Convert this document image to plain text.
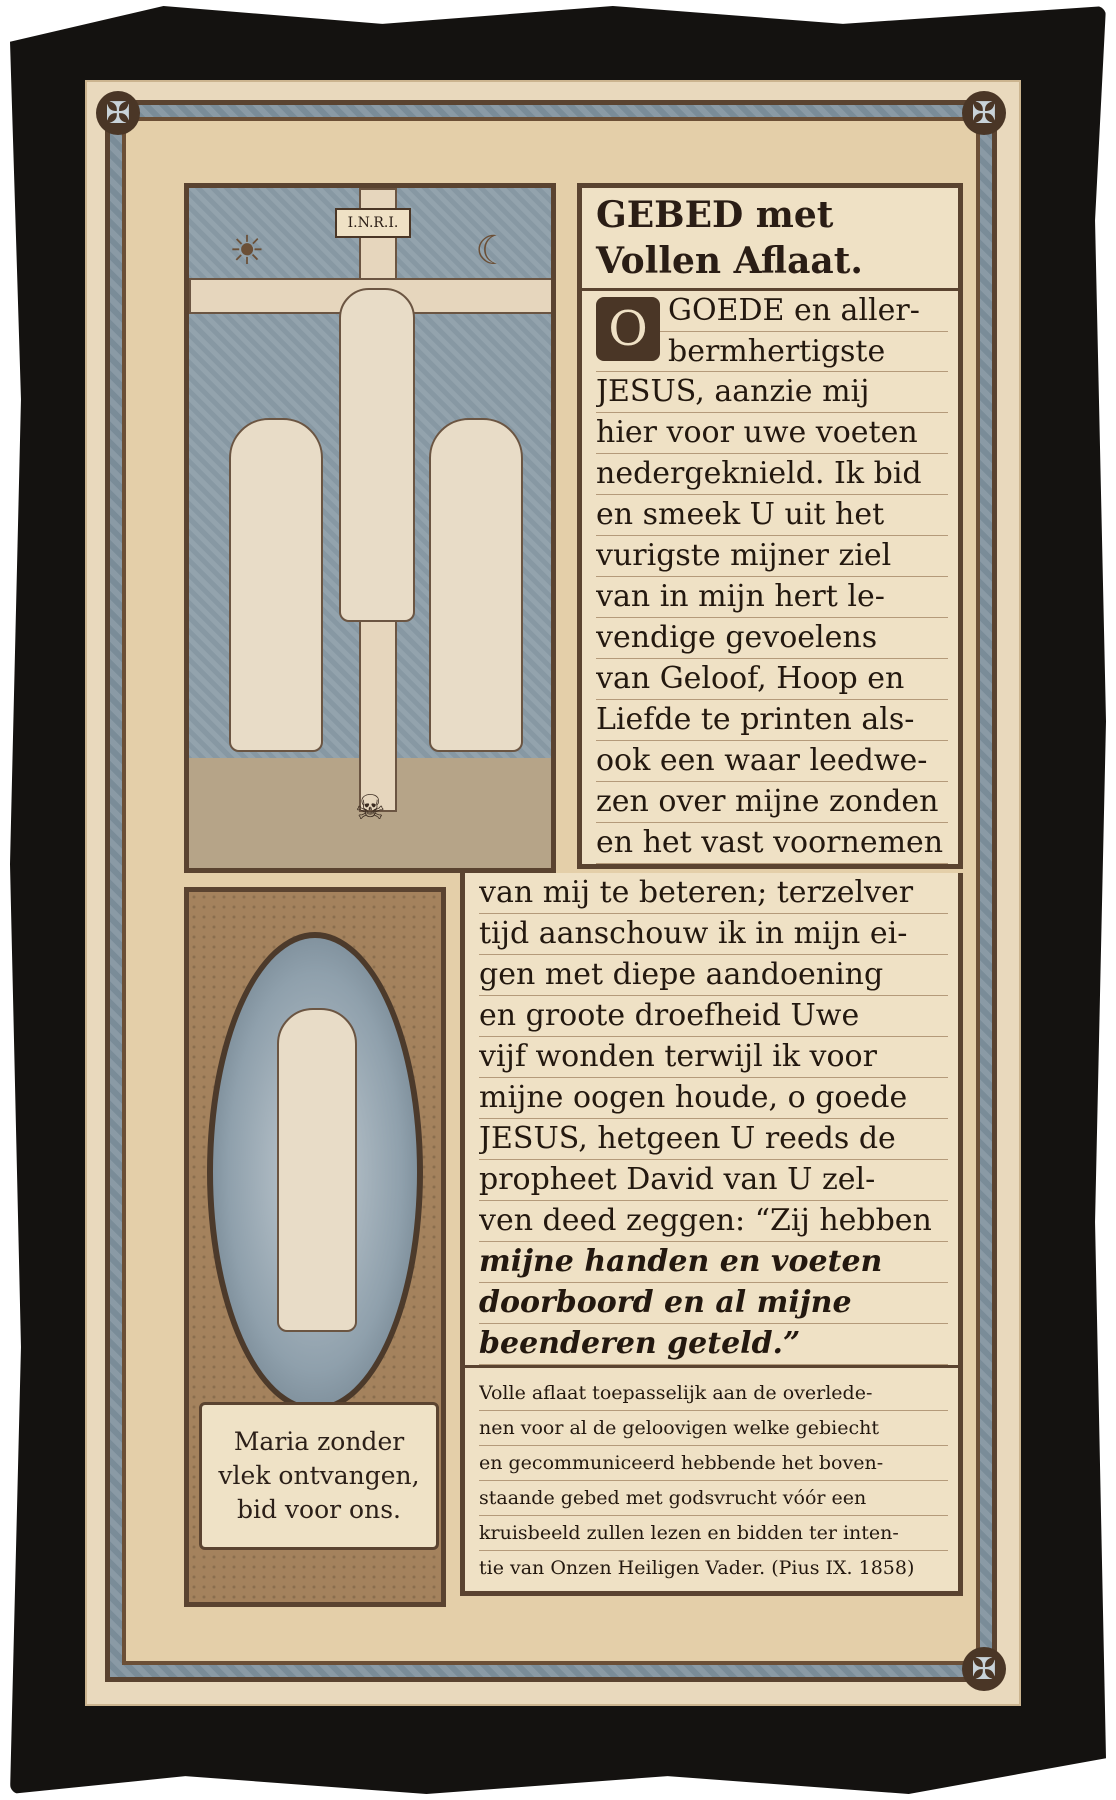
✠	✠
✠
I.N.R.I.
☀	☾
☠
Maria zonder
vlek ontvangen,
bid voor ons.
GEBED met
Vollen Aflaat.
O GOEDE en aller-
bermhertigste
JESUS, aanzie mij
hier voor uwe voeten
nedergeknield. Ik bid
en smeek U uit het
vurigste mijner ziel
van in mijn hert le-
vendige gevoelens
van Geloof, Hoop en
Liefde te printen als-
ook een waar leedwe-
zen over mijne zonden
en het vast voornemen
van mij te beteren; terzelver
tijd aanschouw ik in mijn ei-
gen met diepe aandoening
en groote droefheid Uwe
vijf wonden terwijl ik voor
mijne oogen houde, o goede
JESUS, hetgeen U reeds de
propheet David van U zel-
ven deed zeggen: “Zij hebben
mijne handen en voeten
doorboord en al mijne
beenderen geteld.”
Volle aflaat toepasselijk aan de overlede-
nen voor al de geloovigen welke gebiecht
en gecommuniceerd hebbende het boven-
staande gebed met godsvrucht vóór een
kruisbeeld zullen lezen en bidden ter inten-
tie van Onzen Heiligen Vader. (Pius IX. 1858)
